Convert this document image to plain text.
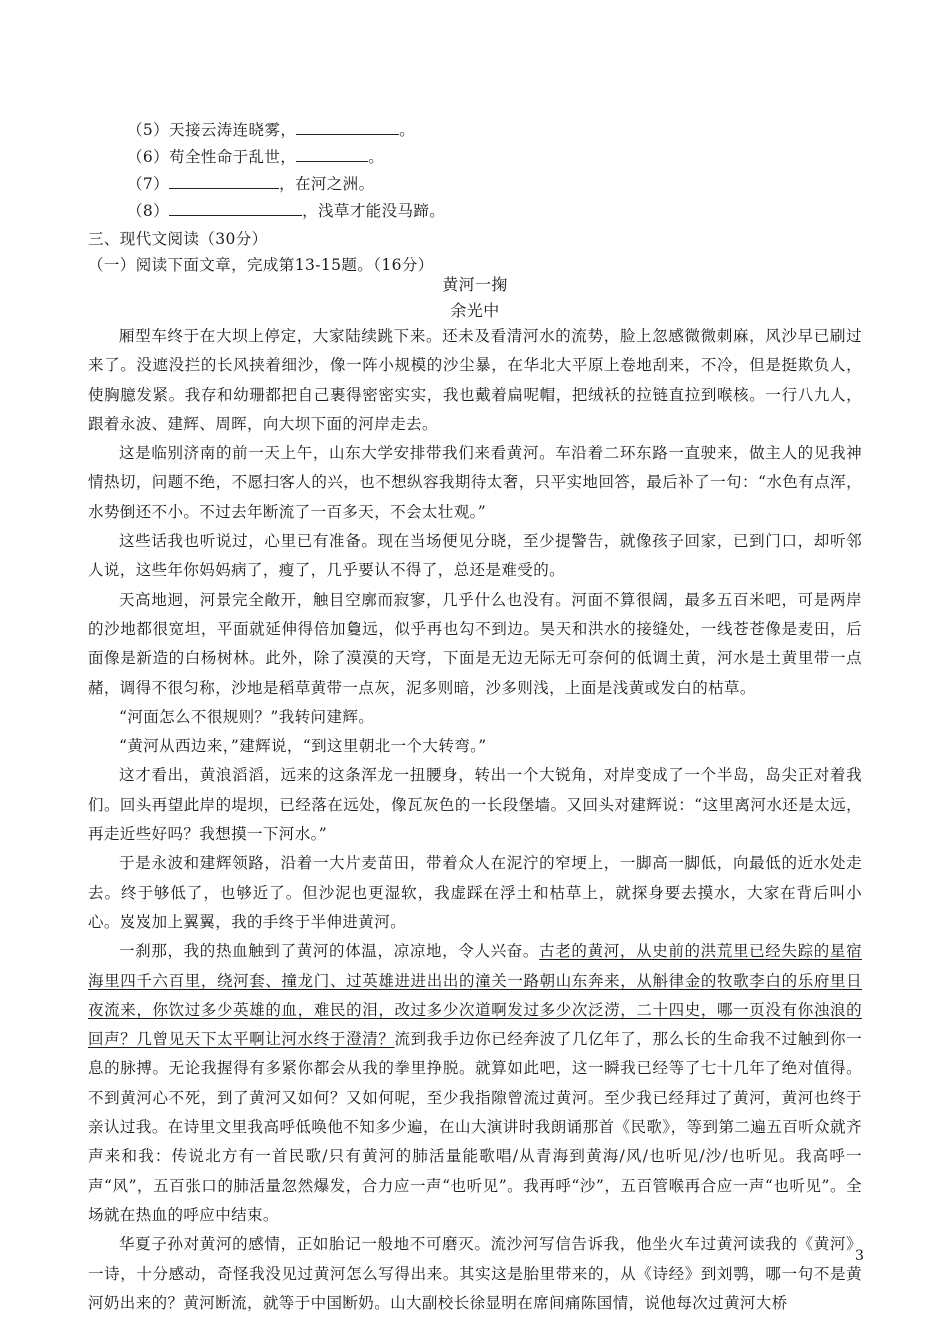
（5）天接云涛连晓雾，	。
（6）苟全性命于乱世，	。
（7）	，在河之洲。
（8）	，浅草才能没马蹄。
三、现代文阅读（30分）
（一）阅读下面文章，完成第13-15题。（16分）
黄河一掬
余光中

厢型车终于在大坝上停定，大家陆续跳下来。还未及看清河水的流势，脸上忽感微微刺麻，风沙早已刷过来了。没遮没拦的长风挟着细沙，像一阵小规模的沙尘暴，在华北大平原上卷地刮来，不冷，但是挺欺负人，使胸臆发紧。我存和幼珊都把自己裹得密密实实，我也戴着扁呢帽，把绒袄的拉链直拉到喉核。一行八九人，跟着永波、建辉、周晖，向大坝下面的河岸走去。

这是临别济南的前一天上午，山东大学安排带我们来看黄河。车沿着二环东路一直驶来，做主人的见我神情热切，问题不绝，不愿扫客人的兴，也不想纵容我期待太奢，只平实地回答，最后补了一句：“水色有点浑，水势倒还不小。不过去年断流了一百多天，不会太壮观。”

这些话我也听说过，心里已有准备。现在当场便见分晓，至少提警告，就像孩子回家，已到门口，却听邻人说，这些年你妈妈病了，瘦了，几乎要认不得了，总还是难受的。

天高地迥，河景完全敞开，触目空廓而寂寥，几乎什么也没有。河面不算很阔，最多五百米吧，可是两岸的沙地都很宽坦，平面就延伸得倍加敻远，似乎再也勾不到边。昊天和洪水的接缝处，一线苍苍像是麦田，后面像是新造的白杨树林。此外，除了漠漠的天穹，下面是无边无际无可奈何的低调土黄，河水是土黄里带一点赭，调得不很匀称，沙地是稻草黄带一点灰，泥多则暗，沙多则浅，上面是浅黄或发白的枯草。

“河面怎么不很规则？”我转问建辉。

“黄河从西边来，”建辉说，“到这里朝北一个大转弯。”

这才看出，黄浪滔滔，远来的这条浑龙一扭腰身，转出一个大锐角，对岸变成了一个半岛，岛尖正对着我们。回头再望此岸的堤坝，已经落在远处，像瓦灰色的一长段堡墙。又回头对建辉说：“这里离河水还是太远，再走近些好吗？我想摸一下河水。”

于是永波和建辉领路，沿着一大片麦苗田，带着众人在泥泞的窄埂上，一脚高一脚低，向最低的近水处走去。终于够低了，也够近了。但沙泥也更湿软，我虚踩在浮土和枯草上，就探身要去摸水，大家在背后叫小心。岌岌加上翼翼，我的手终于半伸进黄河。

一刹那，我的热血触到了黄河的体温，凉凉地，令人兴奋。古老的黄河，从史前的洪荒里已经失踪的星宿海里四千六百里，绕河套、撞龙门、过英雄进进出出的潼关一路朝山东奔来，从斛律金的牧歌李白的乐府里日夜流来，你饮过多少英雄的血，难民的泪，改过多少次道啊发过多少次泛涝，二十四史，哪一页没有你浊浪的回声？几曾见天下太平啊让河水终于澄清？流到我手边你已经奔波了几亿年了，那么长的生命我不过触到你一息的脉搏。无论我握得有多紧你都会从我的拳里挣脱。就算如此吧，这一瞬我已经等了七十几年了绝对值得。不到黄河心不死，到了黄河又如何？又如何呢，至少我指隙曾流过黄河。至少我已经拜过了黄河，黄河也终于亲认过我。在诗里文里我高呼低唤他不知多少遍，在山大演讲时我朗诵那首《民歌》，等到第二遍五百听众就齐声来和我：传说北方有一首民歌/只有黄河的肺活量能歌唱/从青海到黄海/风/也听见/沙/也听见。我高呼一声“风”，五百张口的肺活量忽然爆发，合力应一声“也听见”。我再呼“沙”，五百管喉再合应一声“也听见”。全场就在热血的呼应中结束。

华夏子孙对黄河的感情，正如胎记一般地不可磨灭。流沙河写信告诉我，他坐火车过黄河读我的《黄河》一诗，十分感动，奇怪我没见过黄河怎么写得出来。其实这是胎里带来的，从《诗经》到刘鹗，哪一句不是黄河奶出来的？黄河断流，就等于中国断奶。山大副校长徐显明在席间痛陈国情，说他每次过黄河大桥

3
